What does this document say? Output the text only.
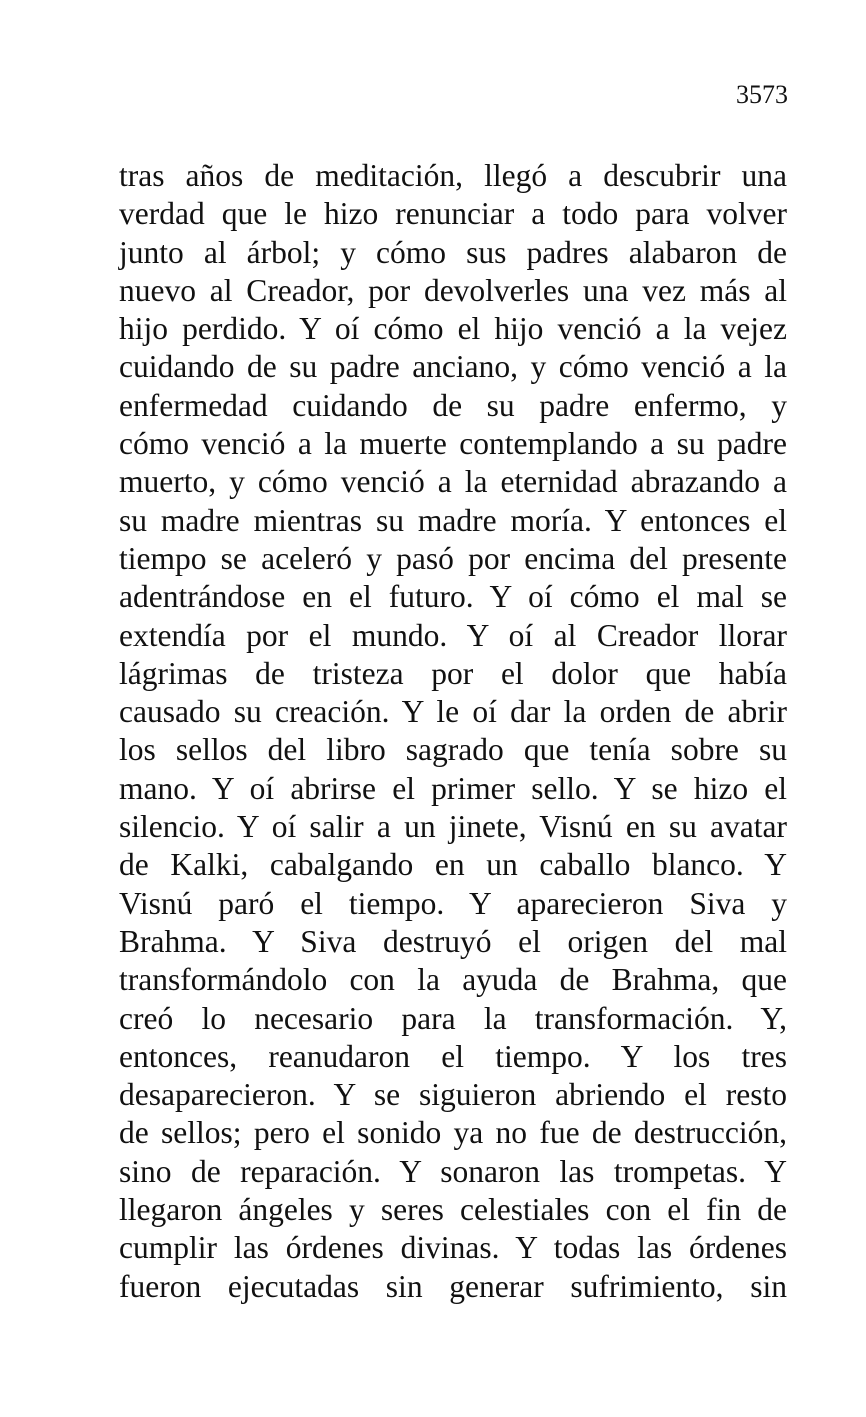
3573
tras años de meditación, llegó a descubrir una
verdad que le hizo renunciar a todo para volver
junto al árbol; y cómo sus padres alabaron de
nuevo al Creador, por devolverles una vez más al
hijo perdido. Y oí cómo el hijo venció a la vejez
cuidando de su padre anciano, y cómo venció a la
enfermedad cuidando de su padre enfermo, y
cómo venció a la muerte contemplando a su padre
muerto, y cómo venció a la eternidad abrazando a
su madre mientras su madre moría. Y entonces el
tiempo se aceleró y pasó por encima del presente
adentrándose en el futuro. Y oí cómo el mal se
extendía por el mundo. Y oí al Creador llorar
lágrimas de tristeza por el dolor que había
causado su creación. Y le oí dar la orden de abrir
los sellos del libro sagrado que tenía sobre su
mano. Y oí abrirse el primer sello. Y se hizo el
silencio. Y oí salir a un jinete, Visnú en su avatar
de Kalki, cabalgando en un caballo blanco. Y
Visnú paró el tiempo. Y aparecieron Siva y
Brahma. Y Siva destruyó el origen del mal
transformándolo con la ayuda de Brahma, que
creó lo necesario para la transformación. Y,
entonces, reanudaron el tiempo. Y los tres
desaparecieron. Y se siguieron abriendo el resto
de sellos; pero el sonido ya no fue de destrucción,
sino de reparación. Y sonaron las trompetas. Y
llegaron ángeles y seres celestiales con el fin de
cumplir las órdenes divinas. Y todas las órdenes
fueron ejecutadas sin generar sufrimiento, sin
